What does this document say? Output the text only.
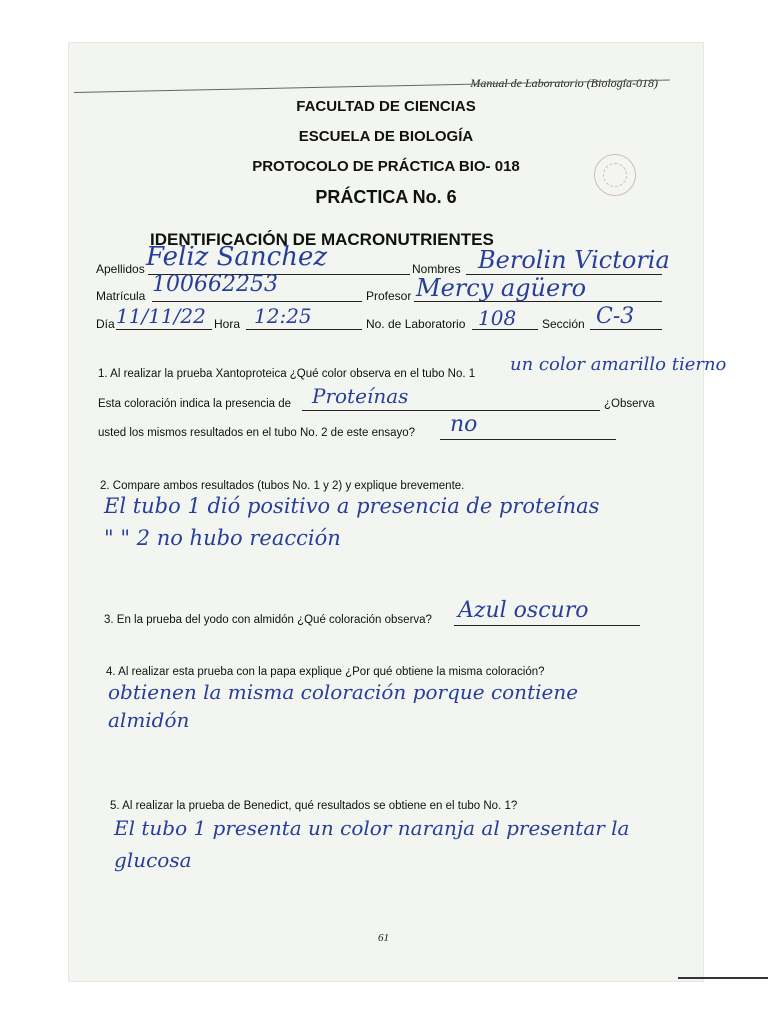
Manual de Laboratorio (Biología-018)
FACULTAD DE CIENCIAS
ESCUELA DE BIOLOGÍA
PROTOCOLO DE PRÁCTICA BIO- 018
PRÁCTICA No. 6
IDENTIFICACIÓN DE MACRONUTRIENTES
Apellidos Feliz Sanchez	Nombres Berolin Victoria
Matrícula 100662253	Profesor Mercy agüero
Día 11/11/22 Hora 12:25	No. de Laboratorio 108 Sección C-3
1. Al realizar la prueba Xantoproteica ¿Qué color observa en el tubo No. 1 un color amarillo tierno
Esta coloración indica la presencia de Proteínas	¿Observa
usted los mismos resultados en el tubo No. 2 de este ensayo? no
2. Compare ambos resultados (tubos No. 1 y 2) y explique brevemente.
El tubo 1 dió positivo a presencia de proteínas
" " 2 no hubo reacción
3. En la prueba del yodo con almidón ¿Qué coloración observa? Azul oscuro
4. Al realizar esta prueba con la papa explique ¿Por qué obtiene la misma coloración?
obtienen la misma coloración porque contiene
almidón
5. Al realizar la prueba de Benedict, qué resultados se obtiene en el tubo No. 1?
El tubo 1 presenta un color naranja al presentar la
glucosa
61
